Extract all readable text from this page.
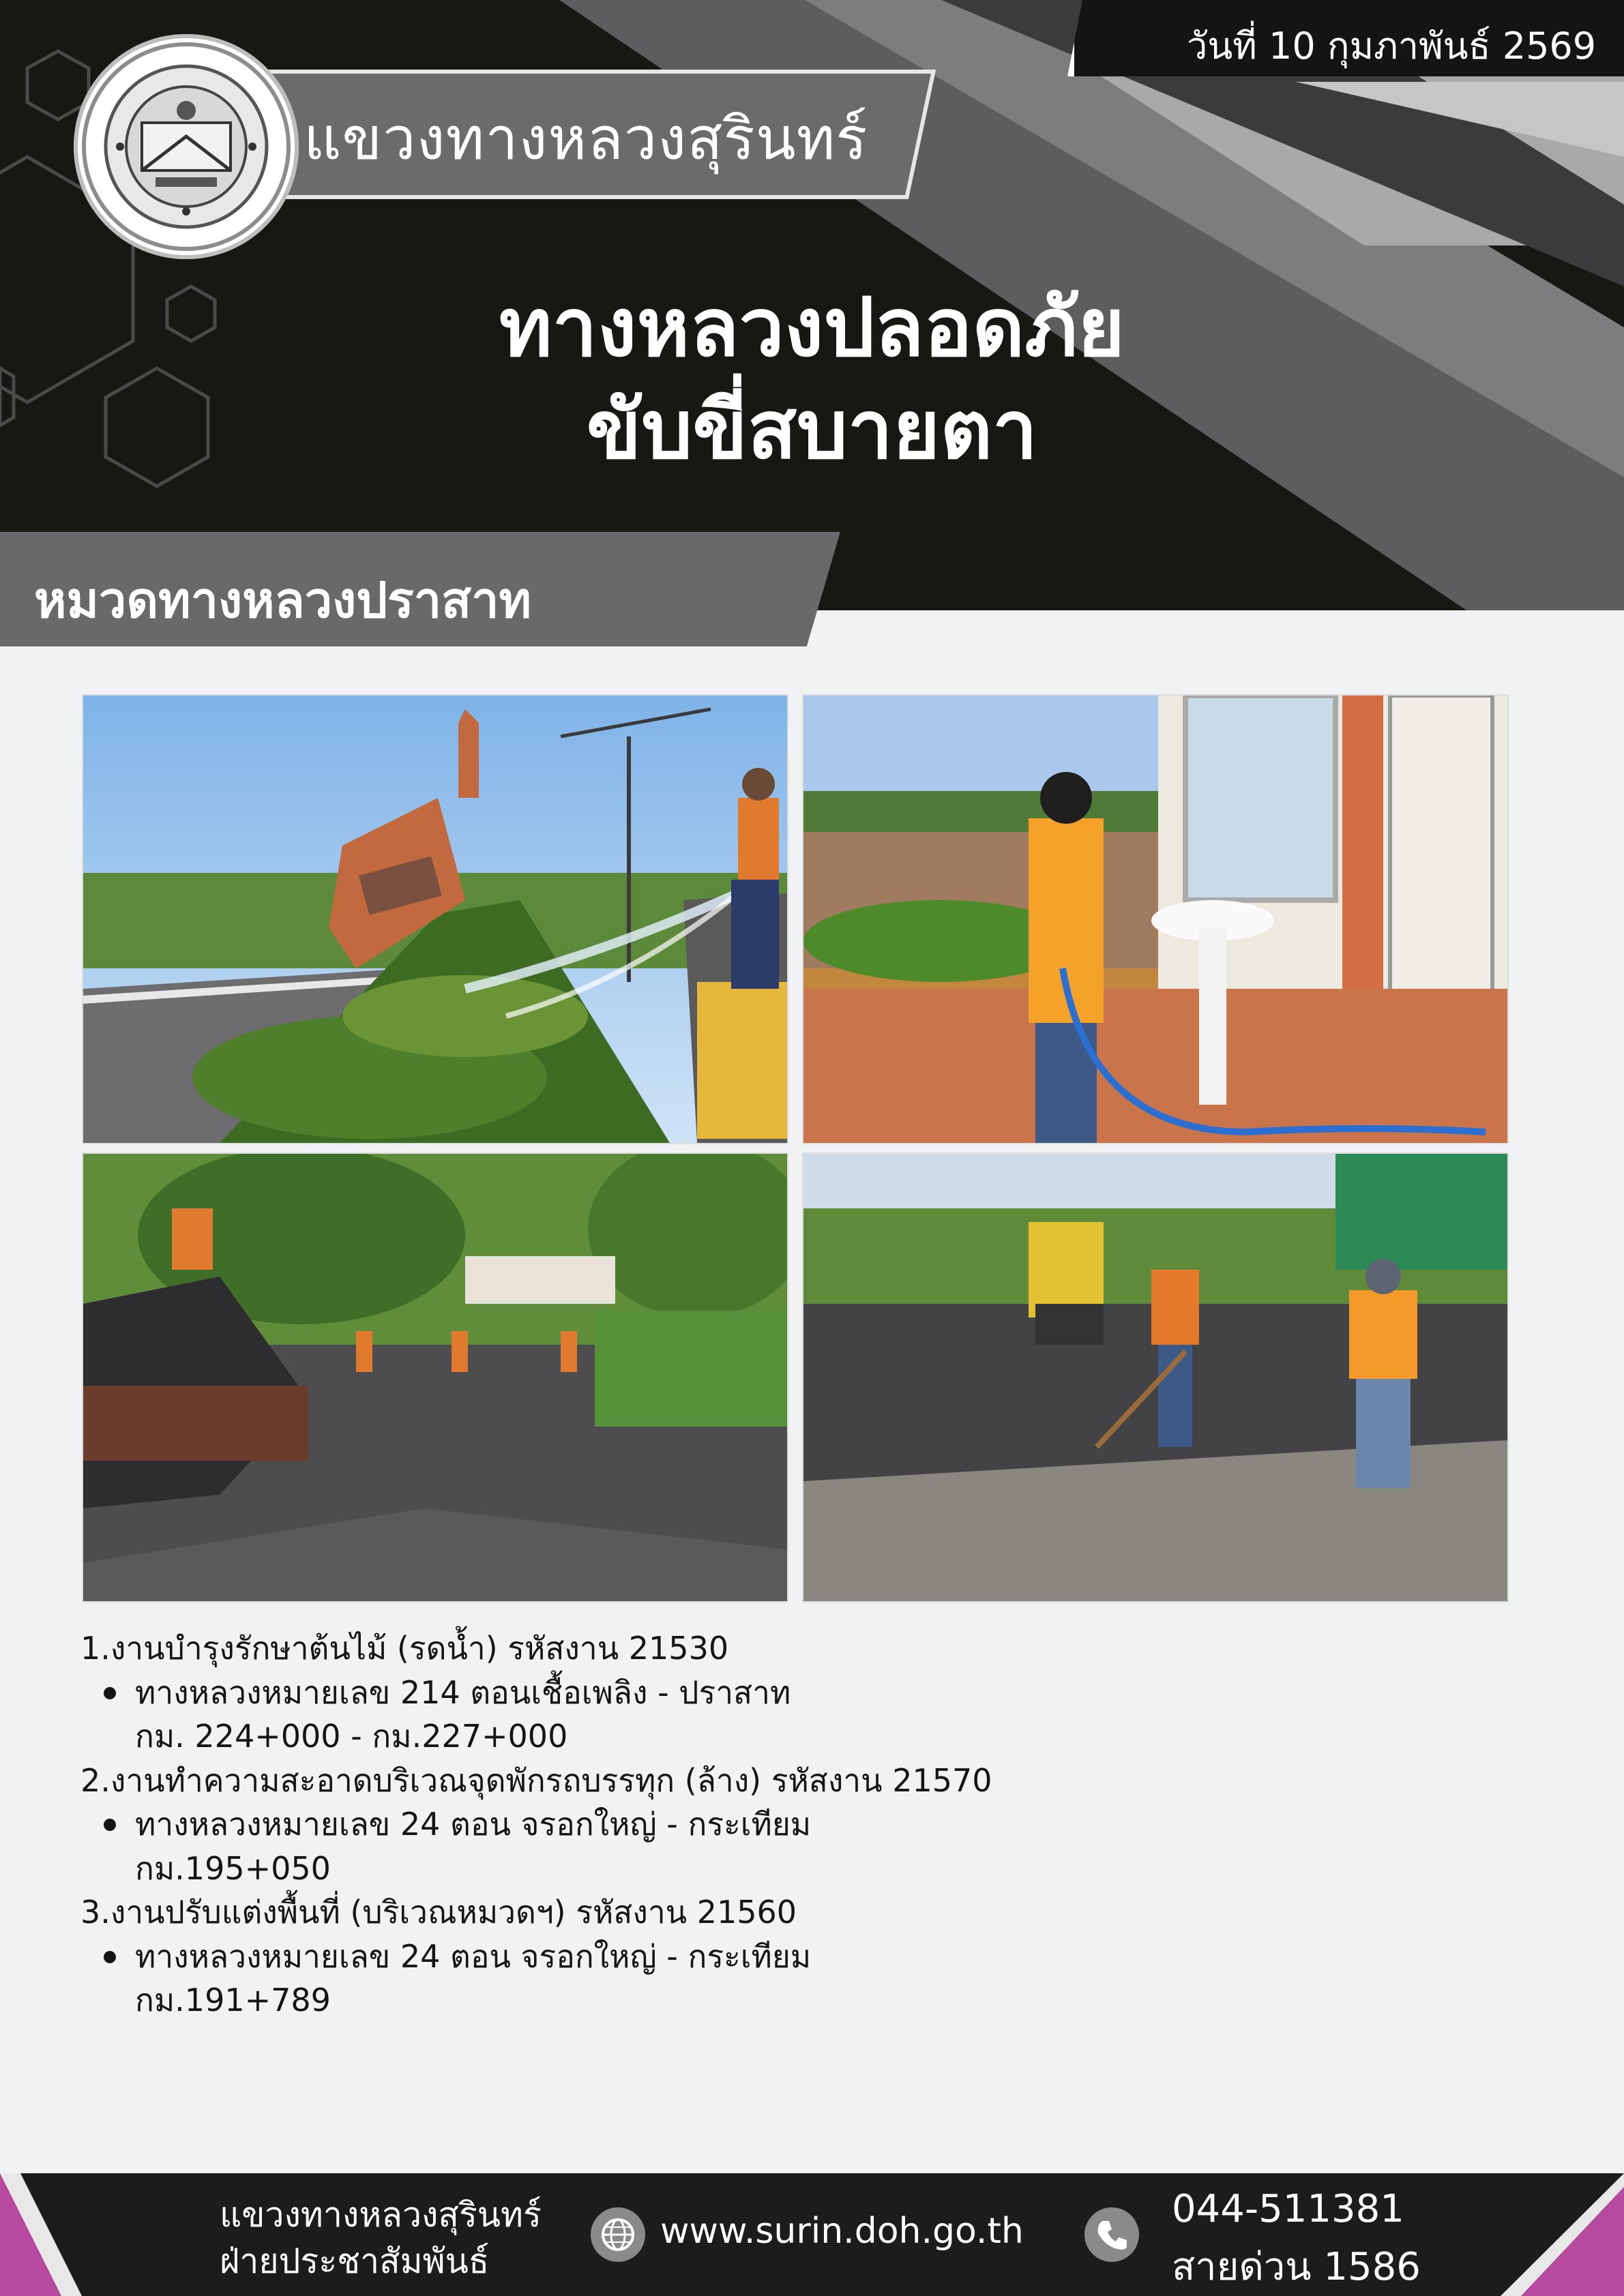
วันที่ 10 กุมภาพันธ์ 2569
แขวงทางหลวงสุรินทร์
ทางหลวงปลอดภัย
ขับขี่สบายตา
หมวดทางหลวงปราสาท
1.งานบำรุงรักษาต้นไม้ (รดน้ำ) รหัสงาน 21530
ทางหลวงหมายเลข 214 ตอนเชื้อเพลิง - ปราสาท
กม. 224+000 - กม.227+000
2.งานทำความสะอาดบริเวณจุดพักรถบรรทุก (ล้าง) รหัสงาน 21570
ทางหลวงหมายเลข 24 ตอน จรอกใหญ่ - กระเทียม
กม.195+050
3.งานปรับแต่งพื้นที่ (บริเวณหมวดฯ) รหัสงาน 21560
ทางหลวงหมายเลข 24 ตอน จรอกใหญ่ - กระเทียม
กม.191+789
แขวงทางหลวงสุรินทร์
ฝ่ายประชาสัมพันธ์
www.surin.doh.go.th	044-511381
สายด่วน 1586
